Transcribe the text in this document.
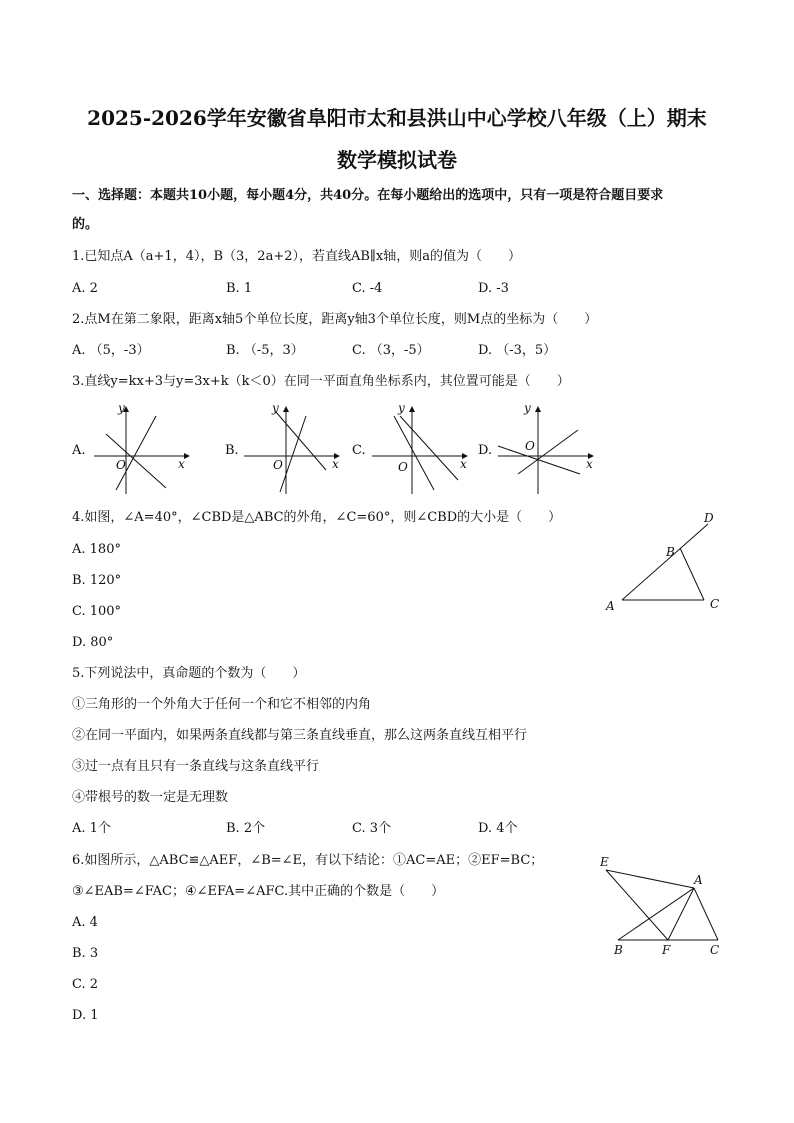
2025-2026学年安徽省阜阳市太和县洪山中心学校八年级（上）期末
数学模拟试卷
一、选择题：本题共10小题，每小题4分，共40分。在每小题给出的选项中，只有一项是符合题目要求
的。
1.已知点A（a+1，4），B（3，2a+2），若直线AB∥x轴，则a的值为（　　）
A. 2	B. 1	C. -4	D. -3
2.点M在第二象限，距离x轴5个单位长度，距离y轴3个单位长度，则M点的坐标为（　　）
A. （5，-3）	B. （-5，3）	C. （3，-5）	D. （-3，5）
3.直线y=kx+3与y=3x+k（k＜0）在同一平面直角坐标系内，其位置可能是（　　）
A.
y
x
O
B.
y
x
O
C.
y
x
O
D.
y
x
O
4.如图，∠A=40°，∠CBD是△ABC的外角，∠C=60°，则∠CBD的大小是（　　）
A. 180°
B. 120°
C. 100°
D. 80°
A
B
C
D
5.下列说法中，真命题的个数为（　　）
①三角形的一个外角大于任何一个和它不相邻的内角
②在同一平面内，如果两条直线都与第三条直线垂直，那么这两条直线互相平行
③过一点有且只有一条直线与这条直线平行
④带根号的数一定是无理数
A. 1个	B. 2个	C. 3个	D. 4个
6.如图所示，△ABC≌△AEF，∠B=∠E，有以下结论：①AC=AE；②EF=BC；
③∠EAB=∠FAC；④∠EFA=∠AFC.其中正确的个数是（　　）
A. 4
B. 3
C. 2
D. 1
E
A
B	F	C
